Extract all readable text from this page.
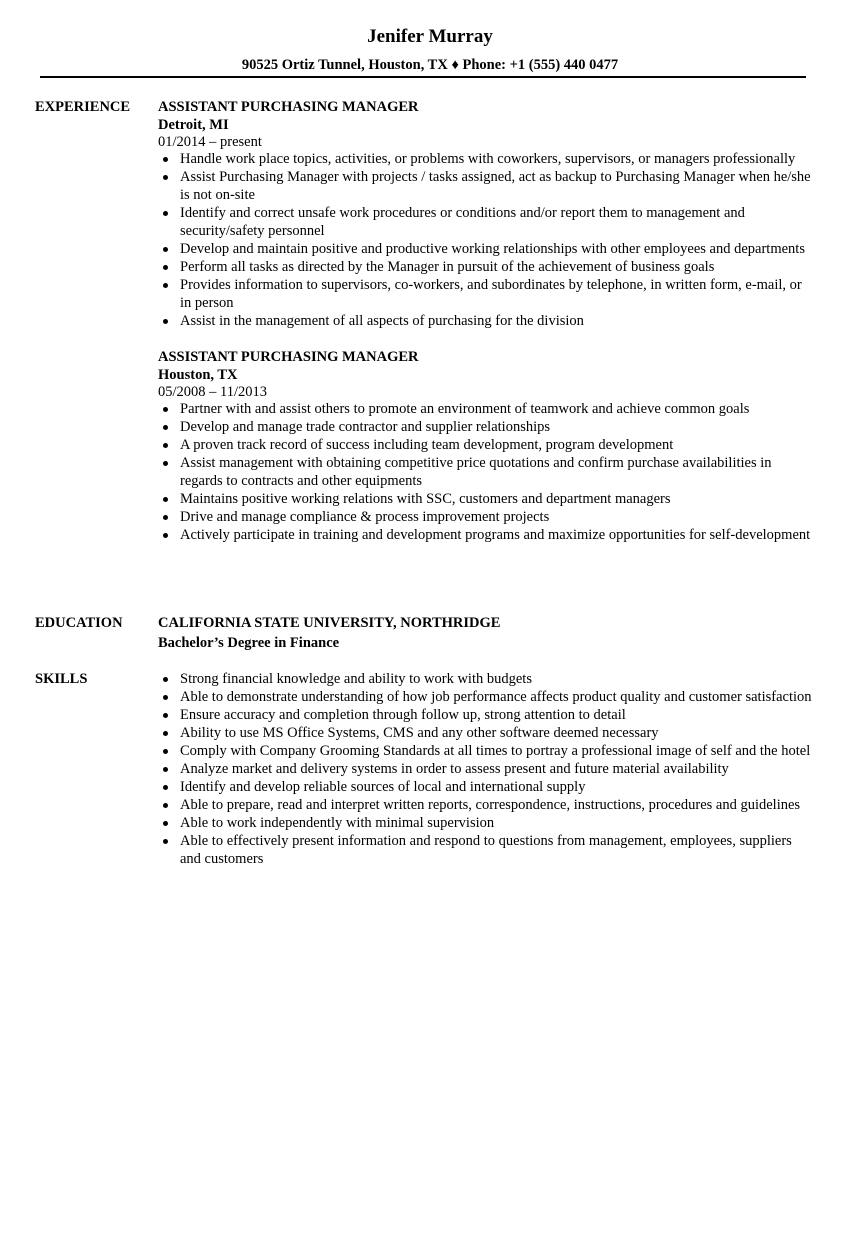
Jenifer Murray
90525 Ortiz Tunnel, Houston, TX ♦ Phone: +1 (555) 440 0477
EXPERIENCE	ASSISTANT PURCHASING MANAGER
Detroit, MI
01/2014 – present
Handle work place topics, activities, or problems with coworkers, supervisors, or managers professionally
Assist Purchasing Manager with projects / tasks assigned, act as backup to Purchasing Manager when he/she is not on-site
Identify and correct unsafe work procedures or conditions and/or report them to management and security/safety personnel
Develop and maintain positive and productive working relationships with other employees and departments
Perform all tasks as directed by the Manager in pursuit of the achievement of business goals
Provides information to supervisors, co-workers, and subordinates by telephone, in written form, e-mail, or in person
Assist in the management of all aspects of purchasing for the division
ASSISTANT PURCHASING MANAGER
Houston, TX
05/2008 – 11/2013
Partner with and assist others to promote an environment of teamwork and achieve common goals
Develop and manage trade contractor and supplier relationships
A proven track record of success including team development, program development
Assist management with obtaining competitive price quotations and confirm purchase availabilities in regards to contracts and other equipments
Maintains positive working relations with SSC, customers and department managers
Drive and manage compliance & process improvement projects
Actively participate in training and development programs and maximize opportunities for self-development
EDUCATION	CALIFORNIA STATE UNIVERSITY, NORTHRIDGE
Bachelor’s Degree in Finance
SKILLS	Strong financial knowledge and ability to work with budgets
Able to demonstrate understanding of how job performance affects product quality and customer satisfaction
Ensure accuracy and completion through follow up, strong attention to detail
Ability to use MS Office Systems, CMS and any other software deemed necessary
Comply with Company Grooming Standards at all times to portray a professional image of self and the hotel
Analyze market and delivery systems in order to assess present and future material availability
Identify and develop reliable sources of local and international supply
Able to prepare, read and interpret written reports, correspondence, instructions, procedures and guidelines
Able to work independently with minimal supervision
Able to effectively present information and respond to questions from management, employees, suppliers and customers
